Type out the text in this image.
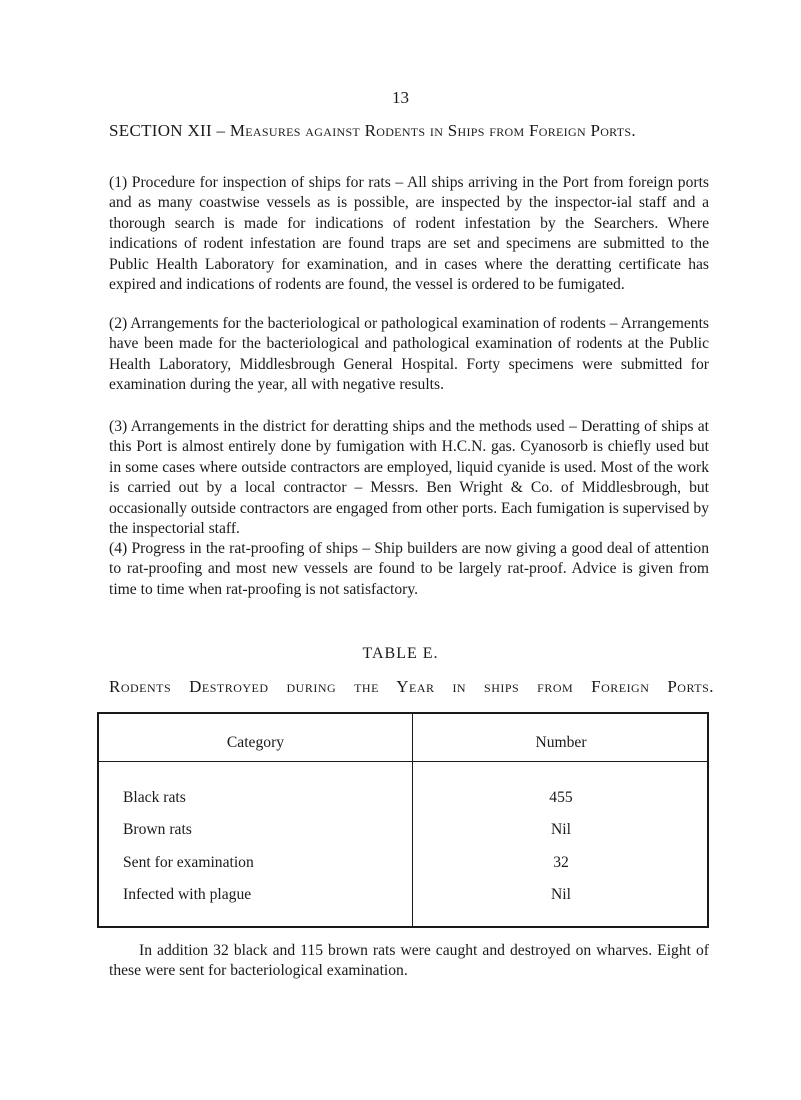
13
SECTION XII – Measures against Rodents in Ships from Foreign Ports.
(1) Procedure for inspection of ships for rats – All ships arriving in the Port from foreign ports and as many coastwise vessels as is possible, are inspected by the inspector-ial staff and a thorough search is made for indications of rodent infestation by the Searchers. Where indications of rodent infestation are found traps are set and specimens are submitted to the Public Health Laboratory for examination, and in cases where the deratting certificate has expired and indications of rodents are found, the vessel is ordered to be fumigated.
(2) Arrangements for the bacteriological or pathological examination of rodents – Arrangements have been made for the bacteriological and pathological examination of rodents at the Public Health Laboratory, Middlesbrough General Hospital. Forty specimens were submitted for examination during the year, all with negative results.
(3) Arrangements in the district for deratting ships and the methods used – Deratting of ships at this Port is almost entirely done by fumigation with H.C.N. gas. Cyanosorb is chiefly used but in some cases where outside contractors are employed, liquid cyanide is used. Most of the work is carried out by a local contractor – Messrs. Ben Wright & Co. of Middlesbrough, but occasionally outside contractors are engaged from other ports. Each fumigation is supervised by the inspectorial staff.
(4) Progress in the rat-proofing of ships – Ship builders are now giving a good deal of attention to rat-proofing and most new vessels are found to be largely rat-proof. Advice is given from time to time when rat-proofing is not satisfactory.
TABLE E.
Rodents Destroyed during the Year in ships from Foreign Ports.
Category	Number
Black rats	455
Brown rats	Nil
Sent for examination	32
Infected with plague	Nil
In addition 32 black and 115 brown rats were caught and destroyed on wharves. Eight of these were sent for bacteriological examination.
